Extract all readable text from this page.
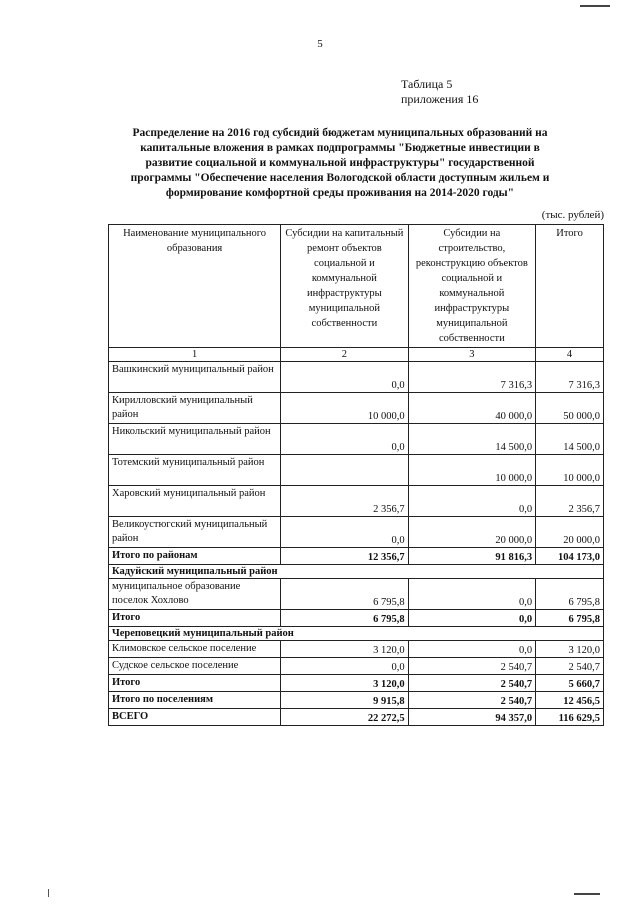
5
Таблица 5
приложения 16
Распределение на 2016 год субсидий бюджетам муниципальных образований на капитальные вложения в рамках подпрограммы "Бюджетные инвестиции в развитие социальной и коммунальной инфраструктуры" государственной программы "Обеспечение населения Вологодской области доступным жильем и формирование комфортной среды проживания на 2014-2020 годы"
(тыс. рублей)
Наименование муниципального образования	Субсидии на капитальный ремонт объектов социальной и коммунальной инфраструктуры муниципальной собственности	Субсидии на строительство, реконструкцию объектов социальной и коммунальной инфраструктуры муниципальной собственности	Итого
1	2	3	4
Вашкинский муниципальный район	0,0	7 316,3	7 316,3
Кирилловский муниципальный район	10 000,0	40 000,0	50 000,0
Никольский муниципальный район	0,0	14 500,0	14 500,0
Тотемский муниципальный район		10 000,0	10 000,0
Харовский муниципальный район	2 356,7	0,0	2 356,7
Великоустюгский муниципальный район	0,0	20 000,0	20 000,0
Итого по районам	12 356,7	91 816,3	104 173,0
Кадуйский муниципальный район			
муниципальное образование поселок Хохлово	6 795,8	0,0	6 795,8
Итого	6 795,8	0,0	6 795,8
Череповецкий муниципальный район			
Климовское сельское поселение	3 120,0	0,0	3 120,0
Судское сельское поселение	0,0	2 540,7	2 540,7
Итого	3 120,0	2 540,7	5 660,7
Итого по поселениям	9 915,8	2 540,7	12 456,5
ВСЕГО	22 272,5	94 357,0	116 629,5
